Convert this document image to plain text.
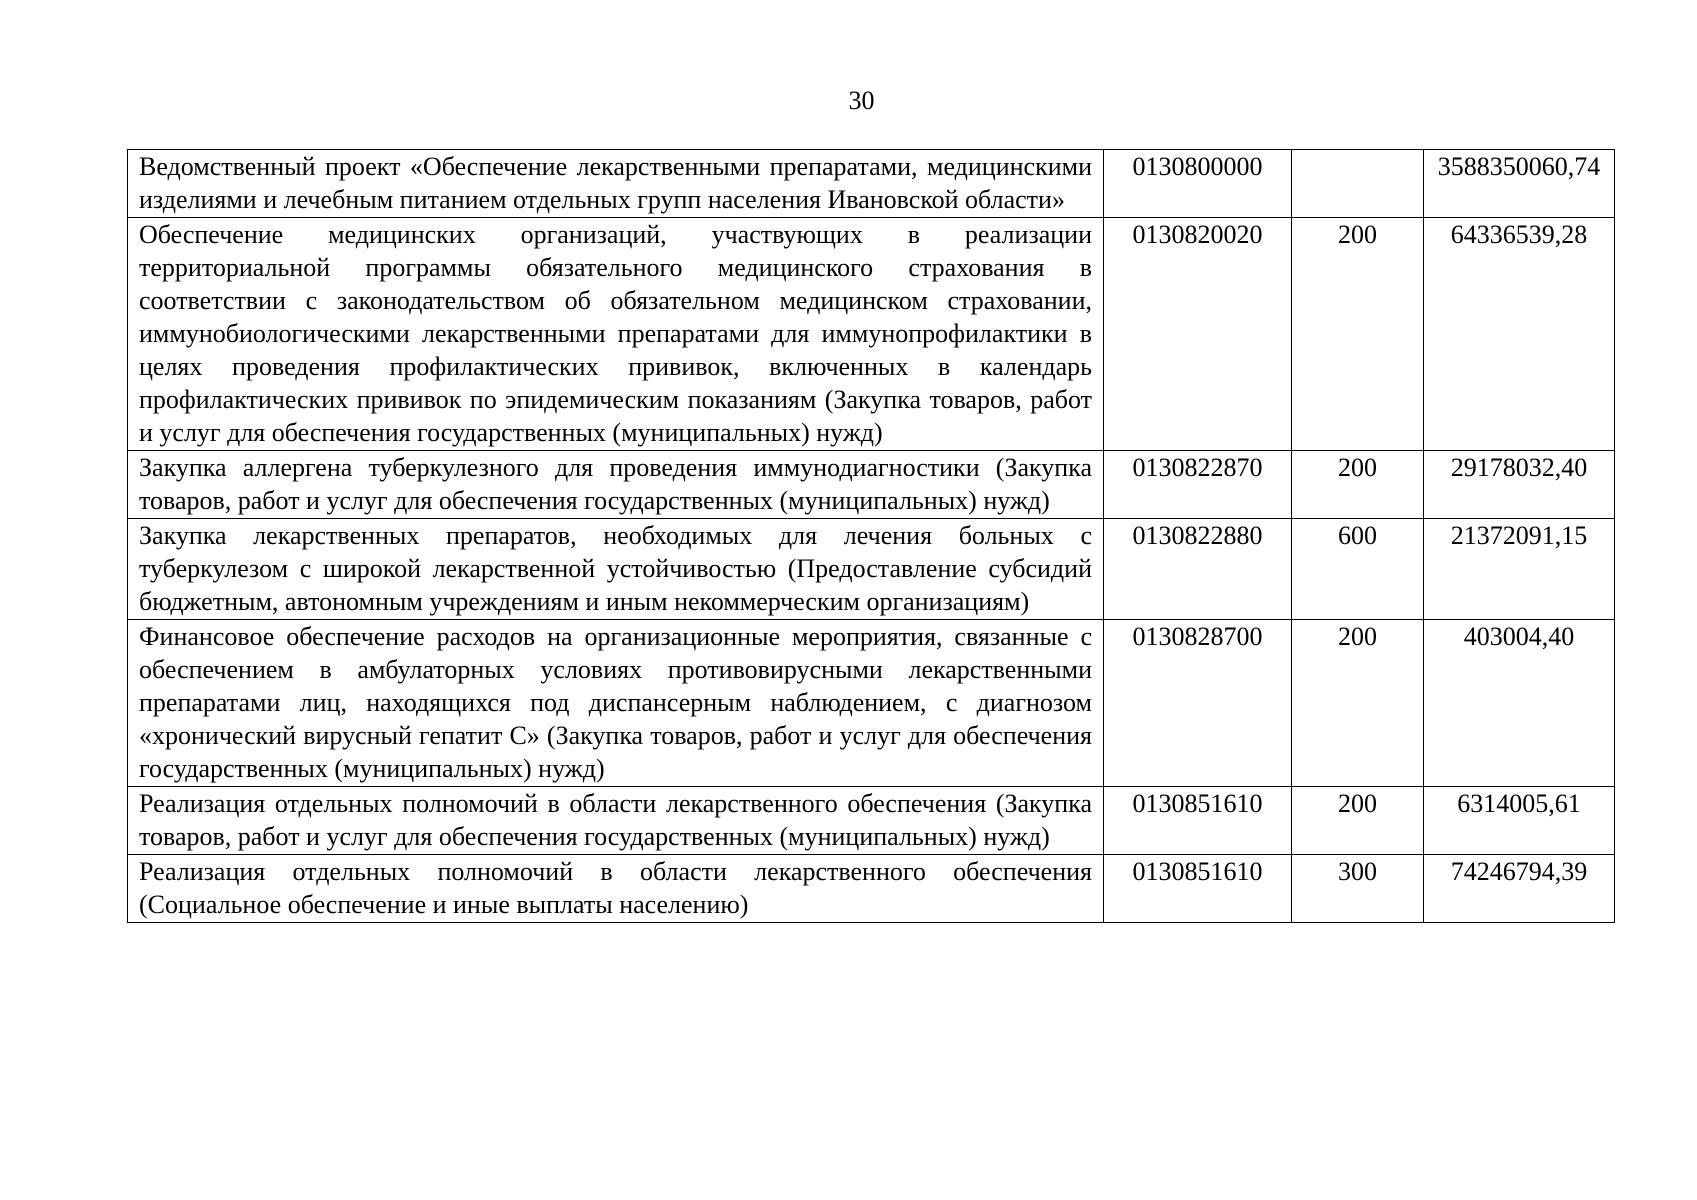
30
Ведомственный проект «Обеспечение лекарственными препаратами, медицинскими изделиями и лечебным питанием отдельных групп населения Ивановской области»	0130800000		3588350060,74
Обеспечение медицинских организаций, участвующих в реализации территориальной программы обязательного медицинского страхования в соответствии с законодательством об обязательном медицинском страховании, иммунобиологическими лекарственными препаратами для иммунопрофилактики в целях проведения профилактических прививок, включенных в календарь профилактических прививок по эпидемическим показаниям (Закупка товаров, работ и услуг для обеспечения государственных (муниципальных) нужд)	0130820020	200	64336539,28
Закупка аллергена туберкулезного для проведения иммунодиагностики (Закупка товаров, работ и услуг для обеспечения государственных (муниципальных) нужд)	0130822870	200	29178032,40
Закупка лекарственных препаратов, необходимых для лечения больных с туберкулезом с широкой лекарственной устойчивостью (Предоставление субсидий бюджетным, автономным учреждениям и иным некоммерческим организациям)	0130822880	600	21372091,15
Финансовое обеспечение расходов на организационные мероприятия, связанные с обеспечением в амбулаторных условиях противовирусными лекарственными препаратами лиц, находящихся под диспансерным наблюдением, с диагнозом «хронический вирусный гепатит С» (Закупка товаров, работ и услуг для обеспечения государственных (муниципальных) нужд)	0130828700	200	403004,40
Реализация отдельных полномочий в области лекарственного обеспечения (Закупка товаров, работ и услуг для обеспечения государственных (муниципальных) нужд)	0130851610	200	6314005,61
Реализация отдельных полномочий в области лекарственного обеспечения (Социальное обеспечение и иные выплаты населению)	0130851610	300	74246794,39
